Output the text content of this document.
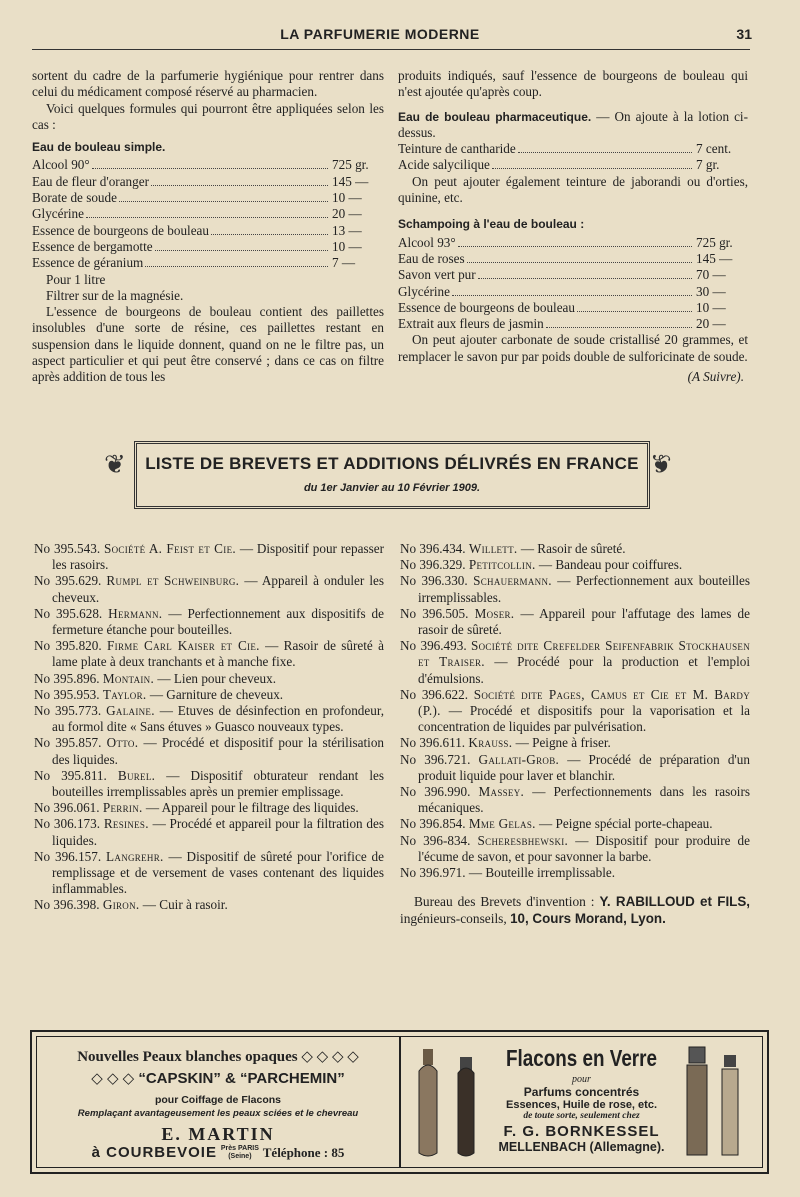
LA PARFUMERIE MODERNE	31

sortent du cadre de la parfumerie hygiénique pour rentrer dans celui du médicament composé réservé au pharmacien.

Voici quelques formules qui pourront être appliquées selon les cas :

Eau de bouleau simple.

Alcool 90°	725 gr.
Eau de fleur d'oranger	145 —
Borate de soude	10 —
Glycérine	20 —
Essence de bourgeons de bouleau	13 —
Essence de bergamotte	10 —
Essence de géranium	7 —

Pour 1 litre

Filtrer sur de la magnésie.

L'essence de bourgeons de bouleau contient des paillettes insolubles d'une sorte de résine, ces paillettes restant en suspension dans le liquide donnent, quand on ne le filtre pas, un aspect particulier et qui peut être conservé ; dans ce cas on filtre après addition de tous les

produits indiqués, sauf l'essence de bourgeons de bouleau qui n'est ajoutée qu'après coup.

Eau de bouleau pharmaceutique. — On ajoute à la lotion ci-dessus.

Teinture de cantharide	7 cent.
Acide salycilique	7 gr.

On peut ajouter également teinture de jaborandi ou d'orties, quinine, etc.

Schampoing à l'eau de bouleau :

Alcool 93°	725 gr.
Eau de roses	145 —
Savon vert pur	70 —
Glycérine	30 —
Essence de bourgeons de bouleau	10 —
Extrait aux fleurs de jasmin	20 —

On peut ajouter carbonate de soude cristallisé 20 grammes, et remplacer le savon pur par poids double de sulforicinate de soude.

(A Suivre).

❦	LISTE DE BREVETS ET ADDITIONS DÉLIVRÉS EN FRANCE
du 1er Janvier au 10 Février 1909.
❦

No 395.543. Société A. Feist et Cie. — Dispositif pour repasser les rasoirs.

No 395.629. Rumpl et Schweinburg. — Appareil à onduler les cheveux.

No 395.628. Hermann. — Perfectionnement aux dispositifs de fermeture étanche pour bouteilles.

No 395.820. Firme Carl Kaiser et Cie. — Rasoir de sûreté à lame plate à deux tranchants et à manche fixe.

No 395.896. Montain. — Lien pour cheveux.

No 395.953. Taylor. — Garniture de cheveux.

No 395.773. Galaine. — Etuves de désinfection en profondeur, au formol dite « Sans étuves » Guasco nouveaux types.

No 395.857. Otto. — Procédé et dispositif pour la stérilisation des liquides.

No 395.811. Burel. — Dispositif obturateur rendant les bouteilles irremplissables après un premier emplissage.

No 396.061. Perrin. — Appareil pour le filtrage des liquides.

No 306.173. Resines. — Procédé et appareil pour la filtration des liquides.

No 396.157. Langrehr. — Dispositif de sûreté pour l'orifice de remplissage et de versement de vases contenant des liquides inflammables.

No 396.398. Giron. — Cuir à rasoir.

No 396.434. Willett. — Rasoir de sûreté.

No 396.329. Petitcollin. — Bandeau pour coiffures.

No 396.330. Schauermann. — Perfectionnement aux bouteilles irremplissables.

No 396.505. Moser. — Appareil pour l'affutage des lames de rasoir de sûreté.

No 396.493. Société dite Crefelder Seifenfabrik Stockhausen et Traiser. — Procédé pour la production et l'emploi d'émulsions.

No 396.622. Société dite Pages, Camus et Cie et M. Bardy (P.). — Procédé et dispositifs pour la vaporisation et la concentration de liquides par pulvérisation.

No 396.611. Krauss. — Peigne à friser.

No 396.721. Gallati-Grob. — Procédé de préparation d'un produit liquide pour laver et blanchir.

No 396.990. Massey. — Perfectionnements dans les rasoirs mécaniques.

No 396.854. Mme Gelas. — Peigne spécial porte-chapeau.

No 396-834. Scheresbhewski. — Dispositif pour produire de l'écume de savon, et pour savonner la barbe.

No 396.971. — Bouteille irremplissable.

Bureau des Brevets d'invention : Y. RABILLOUD et FILS, ingénieurs-conseils, 10, Cours Morand, Lyon.

Nouvelles Peaux blanches opaques ◇ ◇ ◇ ◇
◇ ◇ ◇ “CAPSKIN” & “PARCHEMIN”
pour Coiffage de Flacons
Remplaçant avantageusement les peaux sciées et le chevreau
E. MARTIN
à COURBEVOIE Près PARIS
(Seine) Téléphone : 85
Flacons en Verre
pour
Parfums concentrés
Essences, Huile de rose, etc.
de toute sorte, seulement chez
F. G. BORNKESSEL
MELLENBACH (Allemagne).
